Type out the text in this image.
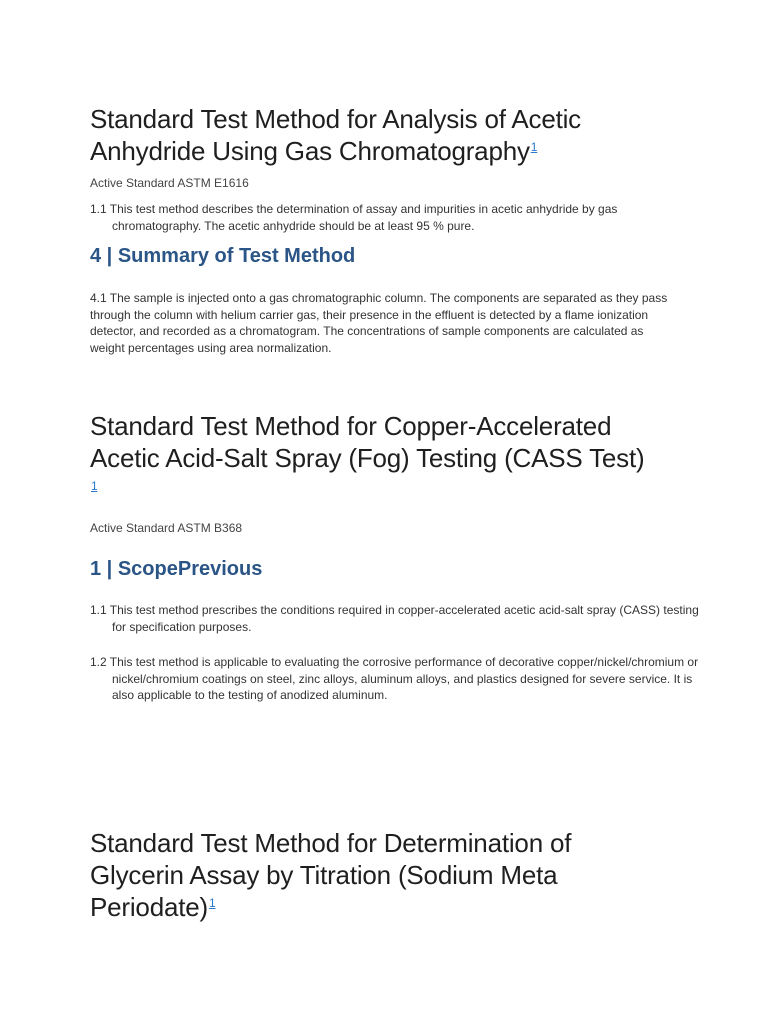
Standard Test Method for Analysis of Acetic Anhydride Using Gas Chromatography$^1$

Active Standard ASTM E1616

1.1 This test method describes the determination of assay and impurities in acetic anhydride by gas chromatography. The acetic anhydride should be at least 95 % pure.

4 | Summary of Test Method

4.1 The sample is injected onto a gas chromatographic column. The components are separated as they pass through the column with helium carrier gas, their presence in the effluent is detected by a flame ionization detector, and recorded as a chromatogram. The concentrations of sample components are calculated as weight percentages using area normalization.

Standard Test Method for Copper-Accelerated Acetic Acid-Salt Spray (Fog) Testing (CASS Test) $^1$

Active Standard ASTM B368

1 | ScopePrevious

1.1 This test method prescribes the conditions required in copper-accelerated acetic acid-salt spray (CASS) testing for specification purposes.

1.2 This test method is applicable to evaluating the corrosive performance of decorative copper/nickel/chromium or nickel/chromium coatings on steel, zinc alloys, aluminum alloys, and plastics designed for severe service. It is also applicable to the testing of anodized aluminum.

Standard Test Method for Determination of Glycerin Assay by Titration (Sodium Meta Periodate)$^1$
